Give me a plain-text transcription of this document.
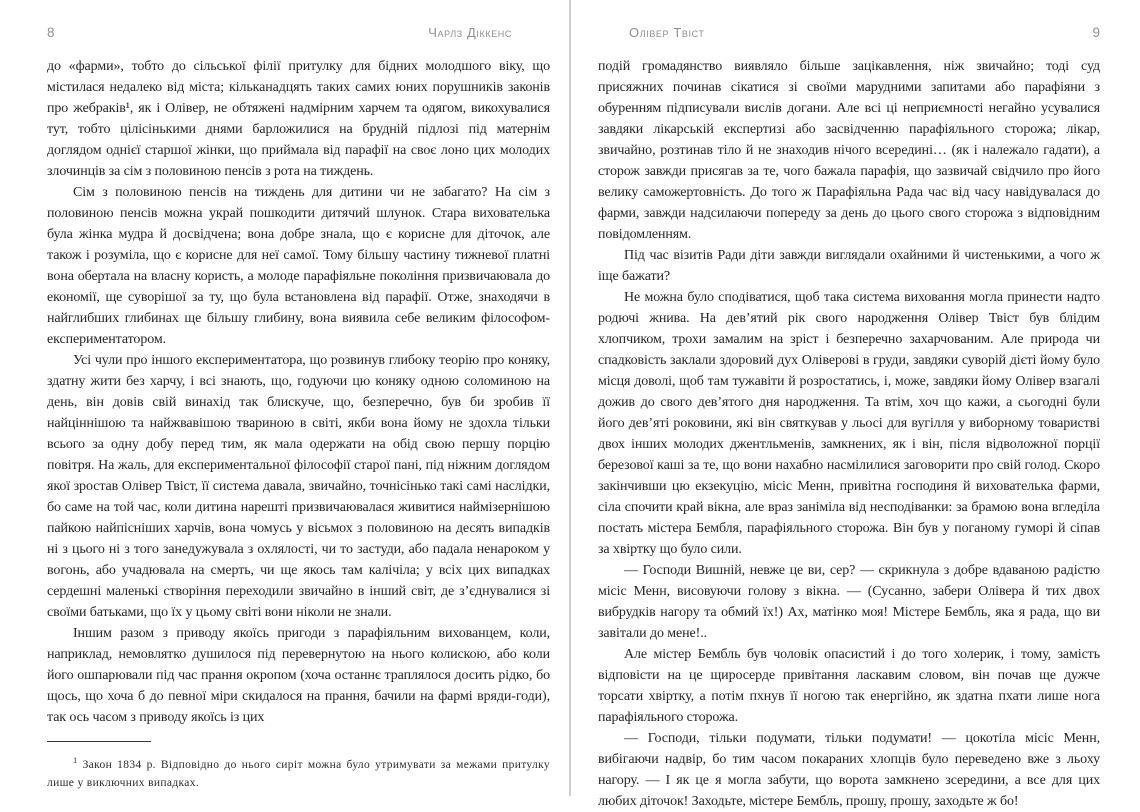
8	Чарлз Діккенс

до «фарми», тобто до сільської філії притулку для бідних молодшого віку, що містилася недалеко від міста; кільканадцять таких самих юних порушників законів про жебраків¹, як і Олівер, не обтяжені надмірним харчем та одягом, викохувалися тут, тобто цілісінькими днями барложилися на брудній підлозі під матернім доглядом однієї старшої жінки, що приймала від парафії на своє лоно цих молодих злочинців за сім з половиною пенсів з рота на тиждень.

Сім з половиною пенсів на тиждень для дитини чи не забагато? На сім з половиною пенсів можна украй пошкодити дитячий шлунок. Стара вихователька була жінка мудра й досвідчена; вона добре знала, що є корисне для діточок, але також і розуміла, що є корисне для неї самої. Тому більшу частину тижневої платні вона обертала на власну користь, а молоде парафіяльне покоління призвичаювала до економії, ще суворішої за ту, що була встановлена від парафії. Отже, знаходячи в найглибших глибинах ще більшу глибину, вона виявила себе великим філософом-експериментатором.

Усі чули про іншого експериментатора, що розвинув глибоку теорію про коняку, здатну жити без харчу, і всі знають, що, годуючи цю коняку одною соломиною на день, він довів свій винахід так блискуче, що, безперечно, був би зробив її найціннішою та найжвавішою твариною в світі, якби вона йому не здохла тільки всього за одну добу перед тим, як мала одержати на обід свою першу порцію повітря. На жаль, для експериментальної філософії старої пані, під ніжним доглядом якої зростав Олівер Твіст, її система давала, звичайно, точнісінько такі самі наслідки, бо саме на той час, коли дитина нарешті призвичаювалася живитися наймізернішою пайкою найпісніших харчів, вона чомусь у вісьмох з половиною на десять випадків ні з цього ні з того занедужувала з охлялості, чи то застуди, або падала ненароком у вогонь, або учадювала на смерть, чи ще якось там калічіла; у всіх цих випадках сердешні маленькі створіння переходили звичайно в інший світ, де з’єднувалися зі своїми батьками, що їх у цьому світі вони ніколи не знали.

Іншим разом з приводу якоїсь пригоди з парафіяльним вихованцем, коли, наприклад, немовлятко душилося під перевернутою на нього колискою, або коли його ошпарювали під час прання окропом (хоча останнє траплялося досить рідко, бо щось, що хоча б до певної міри скидалося на прання, бачили на фармі вряди-годи), так ось часом з приводу якоїсь із цих

$^1$ Закон 1834 р. Відповідно до нього сиріт можна було утримувати за межами притулку лише у виключних випадках.

Олівер Твіст	9

подій громадянство виявляло більше зацікавлення, ніж звичайно; тоді суд присяжних починав сікатися зі своїми марудними запитами або парафіяни з обуренням підписували вислів догани. Але всі ці неприємності негайно усувалися завдяки лікарській експертизі або засвідченню парафіяльного сторожа; лікар, звичайно, розтинав тіло й не знаходив нічого всередині… (як і належало гадати), а сторож завжди присягав за те, чого бажала парафія, що зазвичай свідчило про його велику саможертовність. До того ж Парафіяльна Рада час від часу навідувалася до фарми, завжди надсилаючи попереду за день до цього свого сторожа з відповідним повідомленням.

Під час візитів Ради діти завжди виглядали охайними й чистенькими, а чого ж іще бажати?

Не можна було сподіватися, щоб така система виховання могла принести надто родючі жнива. На дев’ятий рік свого народження Олівер Твіст був блідим хлопчиком, трохи замалим на зріст і безперечно захарчованим. Але природа чи спадковість заклали здоровий дух Оліверові в груди, завдяки суворій дієті йому було місця доволі, щоб там тужавіти й розростатись, і, може, завдяки йому Олівер взагалі дожив до свого дев’ятого дня народження. Та втім, хоч що кажи, а сьогодні були його дев’яті роковини, які він святкував у льосі для вугілля у виборному товаристві двох інших молодих джентльменів, замкнених, як і він, після відволожної порції березової каші за те, що вони нахабно насмілилися заговорити про свій голод. Скоро закінчивши цю екзекуцію, місіс Менн, привітна господиня й вихователька фарми, сіла спочити край вікна, але враз заніміла від несподіванки: за брамою вона вгледіла постать містера Бембля, парафіяльного сторожа. Він був у поганому гуморі й сіпав за хвіртку що було сили.

— Господи Вишній, невже це ви, сер? — скрикнула з добре вдаваною радістю місіс Менн, висовуючи голову з вікна. — (Сусанно, забери Олівера й тих двох вибрудків нагору та обмий їх!) Ах, матінко моя! Містере Бембль, яка я рада, що ви завітали до мене!..

Але містер Бембль був чоловік опасистий і до того холерик, і тому, замість відповісти на це щиросерде привітання ласкавим словом, він почав ще дужче торсати хвіртку, а потім пхнув її ногою так енергійно, як здатна пхати лише нога парафіяльного сторожа.

— Господи, тільки подумати, тільки подумати! — цокотіла місіс Менн, вибігаючи надвір, бо тим часом покараних хлопців було переведено вже з льоху нагору. — І як це я могла забути, що ворота замкнено зсередини, а все для цих любих діточок! Заходьте, містере Бембль, прошу, прошу, заходьте ж бо!
